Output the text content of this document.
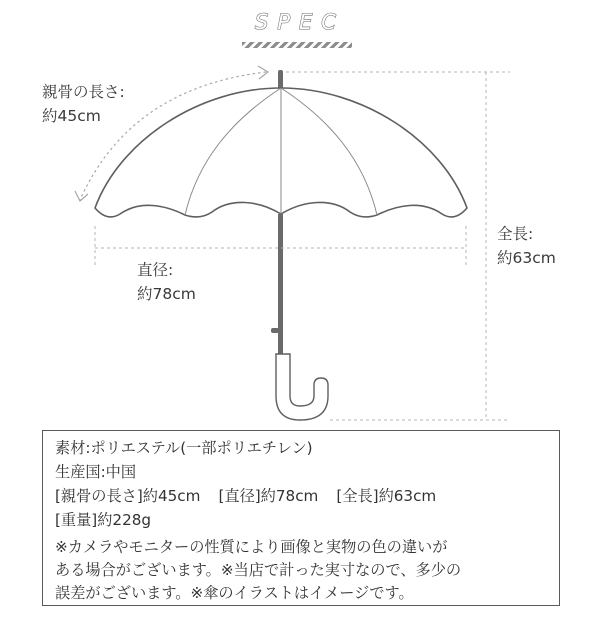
SPEC
親骨の長さ:
約45cm
直径:
約78cm
全長:
約63cm
素材:ポリエステル(一部ポリエチレン)
生産国:中国
[親骨の長さ]約45cm [直径]約78cm [全長]約63cm
[重量]約228g
※カメラやモニターの性質により画像と実物の色の違いが
ある場合がございます。※当店で計った実寸なので、多少の
誤差がございます。※傘のイラストはイメージです。
